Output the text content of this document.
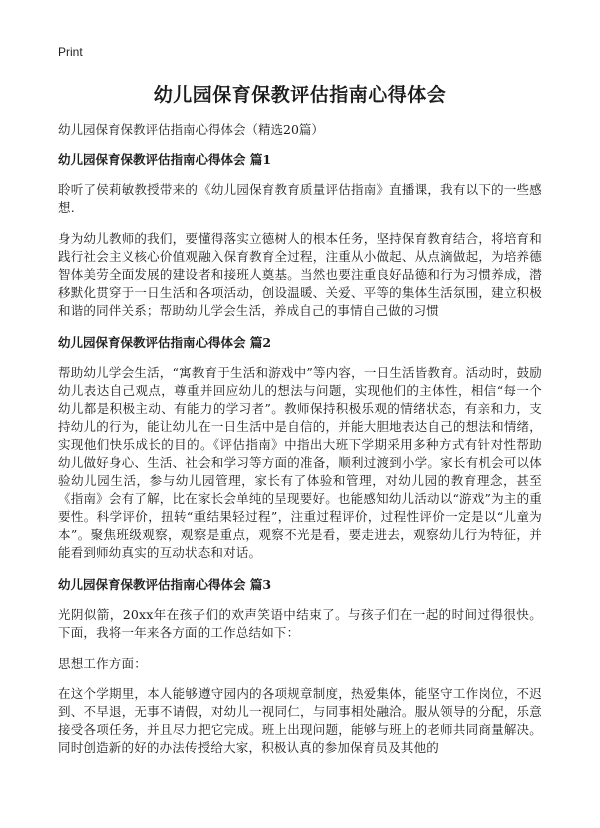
Print
幼儿园保育保教评估指南心得体会

幼儿园保育保教评估指南心得体会（精选20篇）

幼儿园保育保教评估指南心得体会 篇1

聆听了侯莉敏教授带来的《幼儿园保育教育质量评估指南》直播课，我有以下的一些感想.

身为幼儿教师的我们，要懂得落实立德树人的根本任务，坚持保育教育结合，将培育和践行社会主义核心价值观融入保育教育全过程，注重从小做起、从点滴做起，为培养德智体美劳全面发展的建设者和接班人奠基。当然也要注重良好品德和行为习惯养成，潜移默化贯穿于一日生活和各项活动，创设温暖、关爱、平等的集体生活氛围，建立积极和谐的同伴关系；帮助幼儿学会生活，养成自己的事情自己做的习惯

幼儿园保育保教评估指南心得体会 篇2

帮助幼儿学会生活，“寓教育于生活和游戏中”等内容，一日生活皆教育。活动时，鼓励幼儿表达自己观点，尊重并回应幼儿的想法与问题，实现他们的主体性，相信“每一个幼儿都是积极主动、有能力的学习者”。教师保持积极乐观的情绪状态，有亲和力，支持幼儿的行为，能让幼儿在一日生活中是自信的，并能大胆地表达自己的想法和情绪，实现他们快乐成长的目的。《评估指南》中指出大班下学期采用多种方式有针对性帮助幼儿做好身心、生活、社会和学习等方面的准备，顺利过渡到小学。家长有机会可以体验幼儿园生活，参与幼儿园管理，家长有了体验和管理，对幼儿园的教育理念，甚至《指南》会有了解，比在家长会单纯的呈现要好。也能感知幼儿活动以“游戏”为主的重要性。科学评价，扭转“重结果轻过程”，注重过程评价，过程性评价一定是以“儿童为本”。聚焦班级观察，观察是重点，观察不光是看，要走进去，观察幼儿行为特征，并能看到师幼真实的互动状态和对话。

幼儿园保育保教评估指南心得体会 篇3

光阴似箭，20xx年在孩子们的欢声笑语中结束了。与孩子们在一起的时间过得很快。下面，我将一年来各方面的工作总结如下：

思想工作方面：

在这个学期里，本人能够遵守园内的各项规章制度，热爱集体，能坚守工作岗位，不迟到、不早退，无事不请假，对幼儿一视同仁，与同事相处融洽。服从领导的分配，乐意接受各项任务，并且尽力把它完成。班上出现问题，能够与班上的老师共同商量解决。同时创造新的好的办法传授给大家，积极认真的参加保育员及其他的
